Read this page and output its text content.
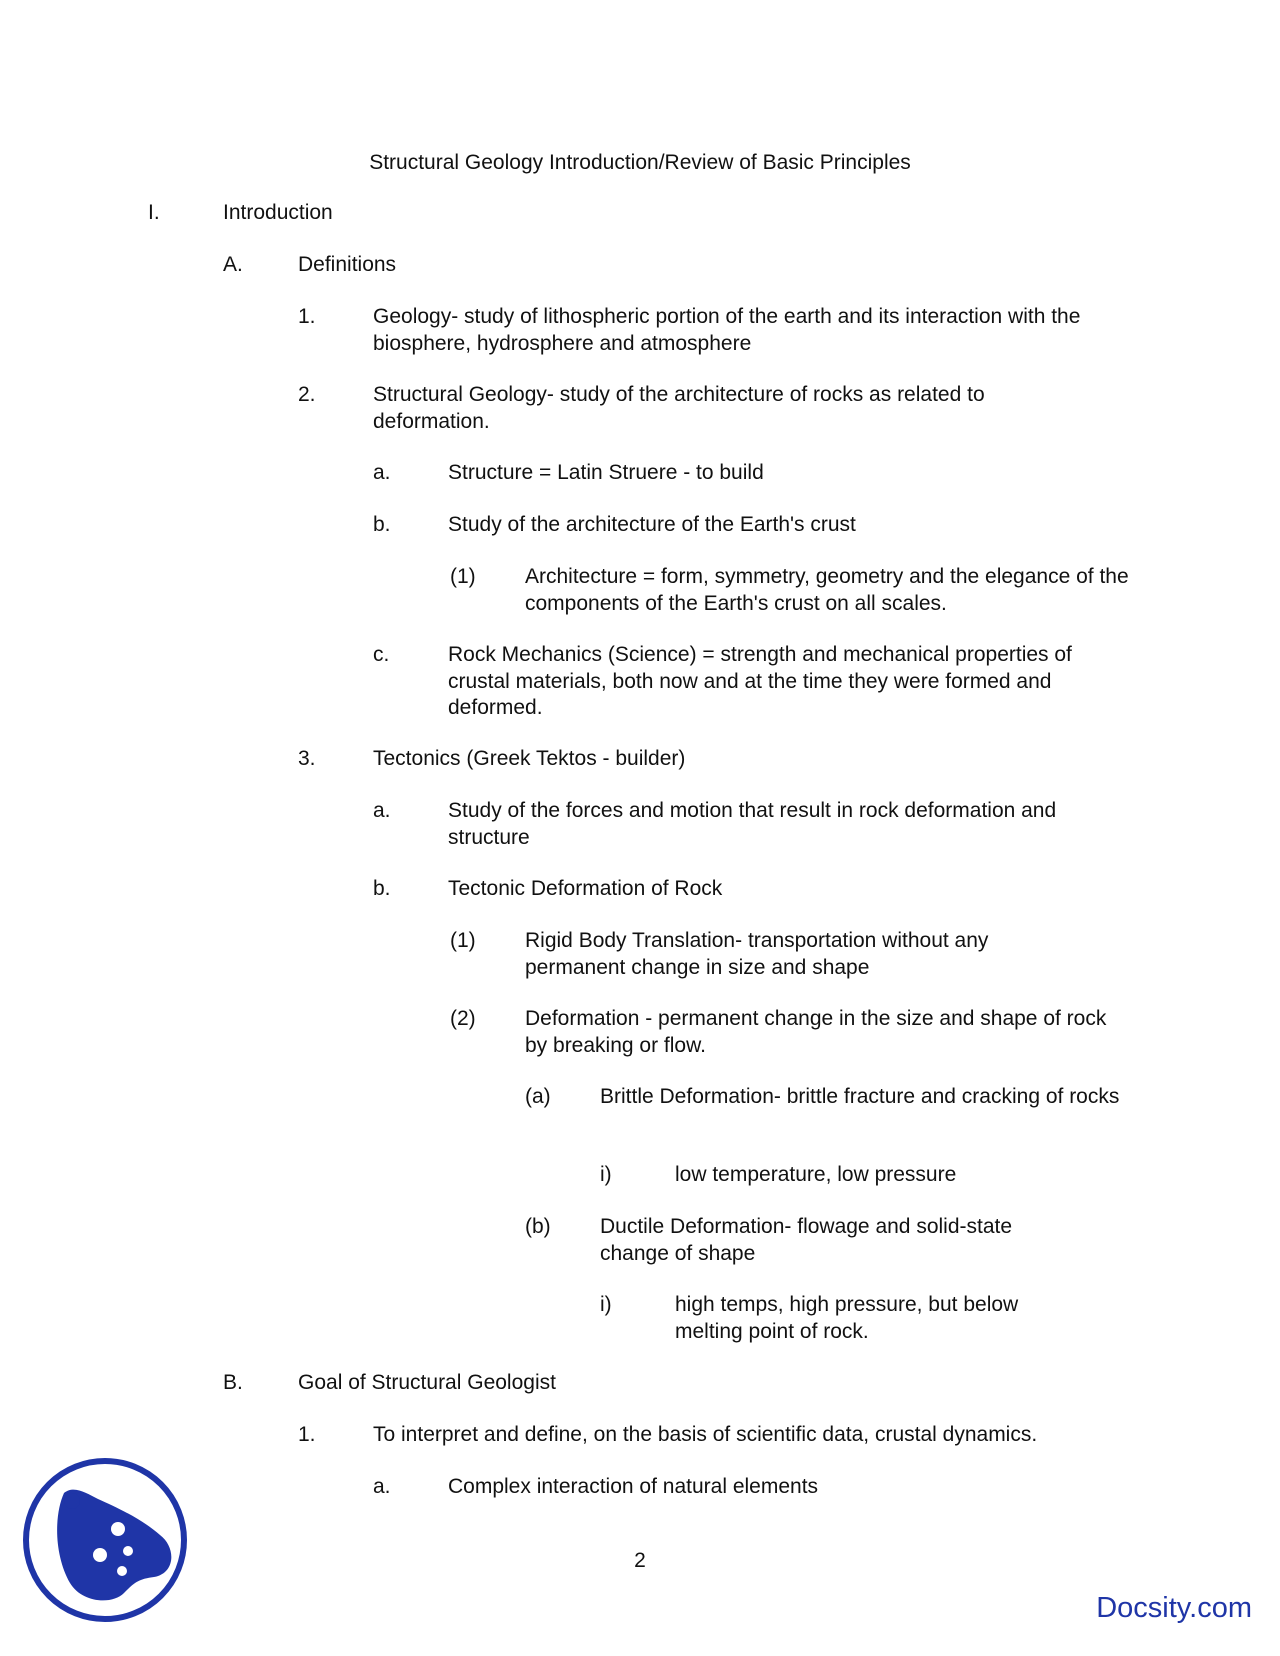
Structural Geology Introduction/Review of Basic Principles
I.	Introduction
A.	Definitions
1.	Geology- study of lithospheric portion of the earth and its interaction with the biosphere, hydrosphere and atmosphere
2.	Structural Geology- study of the architecture of rocks as related to deformation.
a.	Structure = Latin Struere - to build
b.	Study of the architecture of the Earth's crust
(1) Architecture = form, symmetry, geometry and the elegance of the components of the Earth's crust on all scales.
c.	Rock Mechanics (Science) = strength and mechanical properties of crustal materials, both now and at the time they were formed and deformed.
3.	Tectonics (Greek Tektos - builder)
a.	Study of the forces and motion that result in rock deformation and structure
b.	Tectonic Deformation of Rock
(1) Rigid Body Translation- transportation without any permanent change in size and shape
(2) Deformation - permanent change in the size and shape of rock by breaking or flow.
(a) Brittle Deformation- brittle fracture and cracking of rocks
i)	low temperature, low pressure
(b) Ductile Deformation- flowage and solid-state change of shape
i)	high temps, high pressure, but below melting point of rock.
B.	Goal of Structural Geologist
1.	To interpret and define, on the basis of scientific data, crustal dynamics.
a.	Complex interaction of natural elements
2
Docsity.com
